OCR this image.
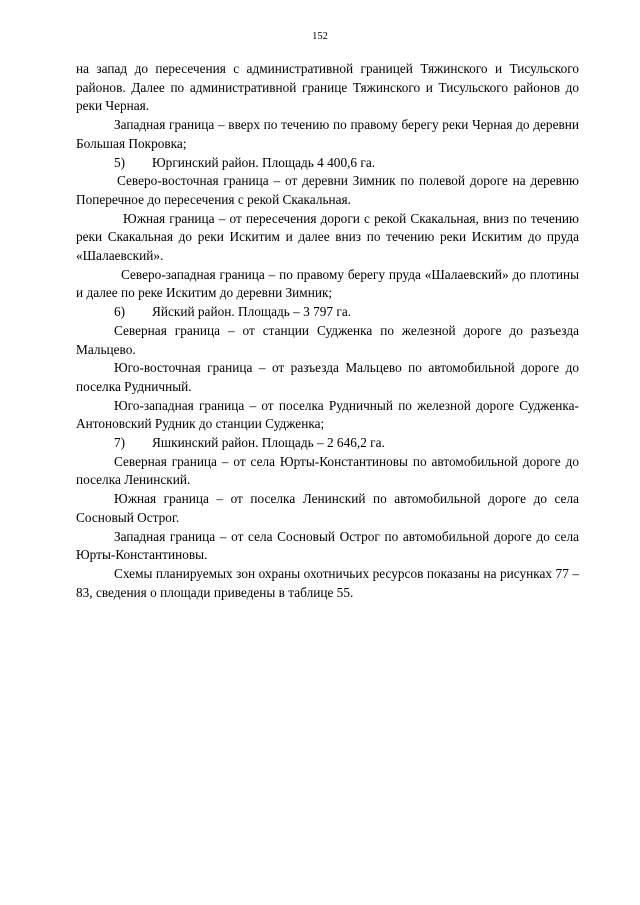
152

на запад до пересечения с административной границей Тяжинского и Тисульского районов. Далее по административной границе Тяжинского и Тисульского районов до реки Черная.

Западная граница – вверх по течению по правому берегу реки Черная до деревни Большая Покровка;

5) Юргинский район. Площадь 4 400,6 га.

Северо-восточная граница – от деревни Зимник по полевой дороге на деревню Поперечное до пересечения с рекой Скакальная.

Южная граница – от пересечения дороги с рекой Скакальная, вниз по течению реки Скакальная до реки Искитим и далее вниз по течению реки Искитим до пруда «Шалаевский».

Северо-западная граница – по правому берегу пруда «Шалаевский» до плотины и далее по реке Искитим до деревни Зимник;

6) Яйский район. Площадь – 3 797 га.

Северная граница – от станции Судженка по железной дороге до разъезда Мальцево.

Юго-восточная граница – от разъезда Мальцево по автомобильной дороге до поселка Рудничный.

Юго-западная граница – от поселка Рудничный по железной дороге Судженка-Антоновский Рудник до станции Судженка;

7) Яшкинский район. Площадь – 2 646,2 га.

Северная граница – от села Юрты-Константиновы по автомобильной дороге до поселка Ленинский.

Южная граница – от поселка Ленинский по автомобильной дороге до села Сосновый Острог.

Западная граница – от села Сосновый Острог по автомобильной дороге до села Юрты-Константиновы.

Схемы планируемых зон охраны охотничьих ресурсов показаны на рисунках 77 – 83, сведения о площади приведены в таблице 55.
